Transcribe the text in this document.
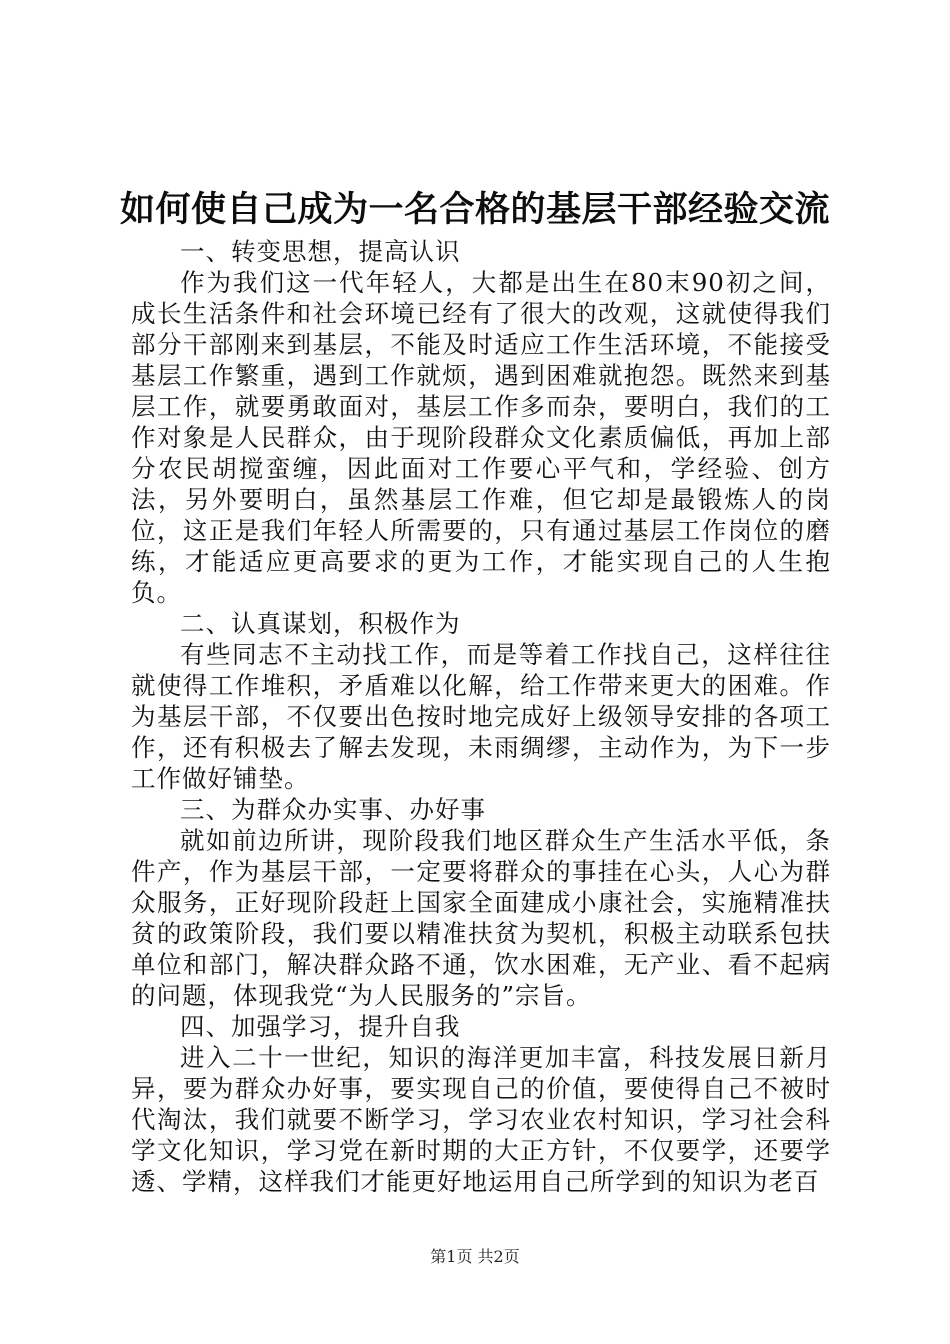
如何使自己成为一名合格的基层干部经验交流

一、转变思想，提高认识

作为我们这一代年轻人，大都是出生在80末90初之间，成长生活条件和社会环境已经有了很大的改观，这就使得我们部分干部刚来到基层，不能及时适应工作生活环境，不能接受基层工作繁重，遇到工作就烦，遇到困难就抱怨。既然来到基层工作，就要勇敢面对，基层工作多而杂，要明白，我们的工作对象是人民群众，由于现阶段群众文化素质偏低，再加上部分农民胡搅蛮缠，因此面对工作要心平气和，学经验、创方法，另外要明白，虽然基层工作难，但它却是最锻炼人的岗位，这正是我们年轻人所需要的，只有通过基层工作岗位的磨练，才能适应更高要求的更为工作，才能实现自己的人生抱负。

二、认真谋划，积极作为

有些同志不主动找工作，而是等着工作找自己，这样往往就使得工作堆积，矛盾难以化解，给工作带来更大的困难。作为基层干部，不仅要出色按时地完成好上级领导安排的各项工作，还有积极去了解去发现，未雨绸缪，主动作为，为下一步工作做好铺垫。

三、为群众办实事、办好事

就如前边所讲，现阶段我们地区群众生产生活水平低，条件产，作为基层干部，一定要将群众的事挂在心头，人心为群众服务，正好现阶段赶上国家全面建成小康社会，实施精准扶贫的政策阶段，我们要以精准扶贫为契机，积极主动联系包扶单位和部门，解决群众路不通，饮水困难，无产业、看不起病的问题，体现我党“为人民服务的”宗旨。

四、加强学习，提升自我

进入二十一世纪，知识的海洋更加丰富，科技发展日新月异，要为群众办好事，要实现自己的价值，要使得自己不被时代淘汰，我们就要不断学习，学习农业农村知识，学习社会科学文化知识，学习党在新时期的大正方针，不仅要学，还要学透、学精，这样我们才能更好地运用自己所学到的知识为老百

第1页 共2页
